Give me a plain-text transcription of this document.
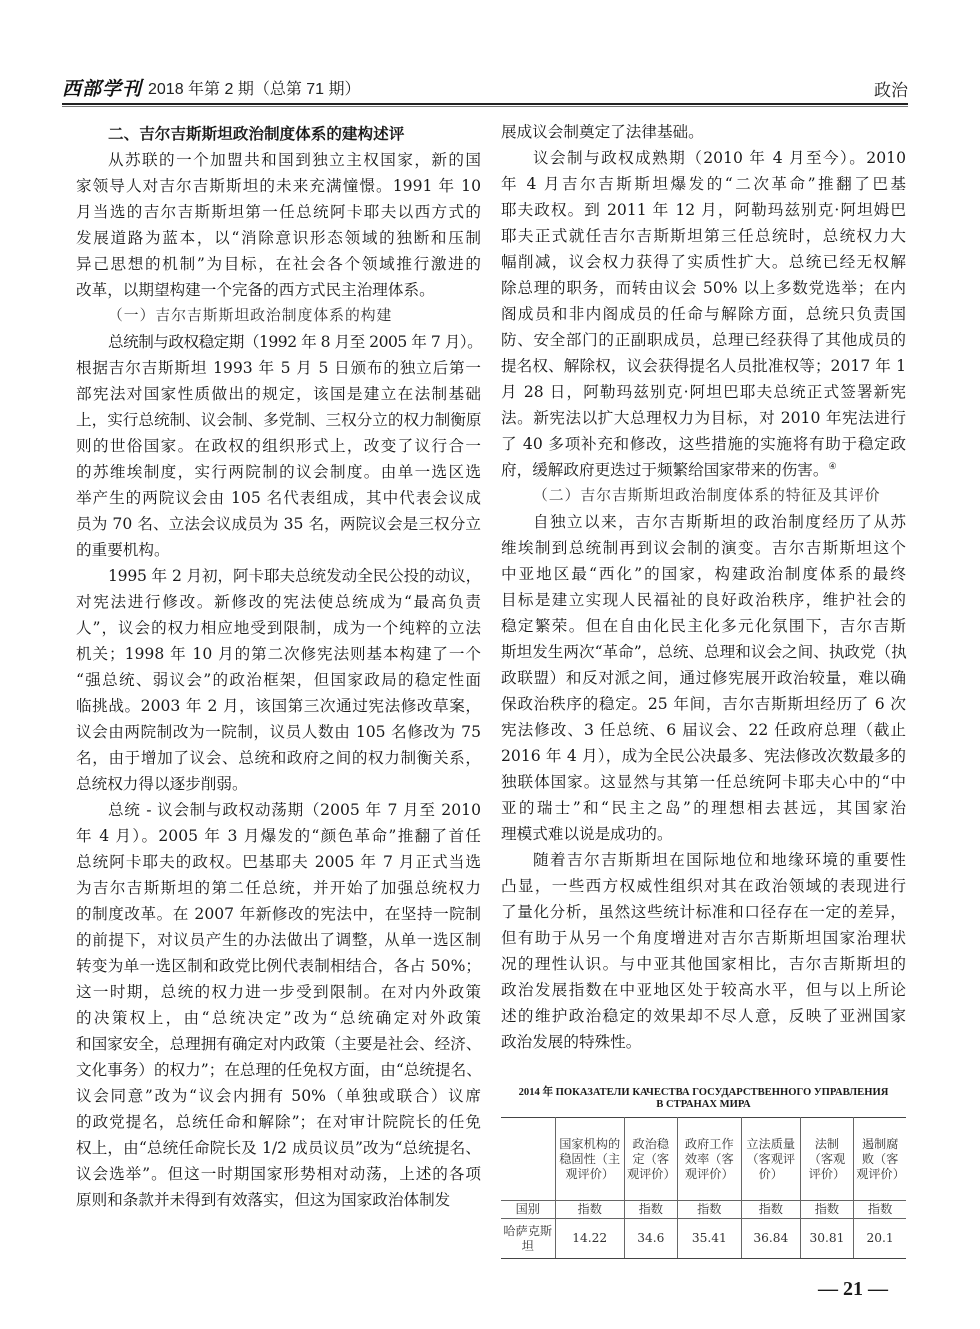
西部学刊 2018 年第 2 期（总第 71 期）	政治
二、吉尔吉斯斯坦政治制度体系的建构述评
从苏联的一个加盟共和国到独立主权国家，新的国
家领导人对吉尔吉斯斯坦的未来充满憧憬。1991 年 10
月当选的吉尔吉斯斯坦第一任总统阿卡耶夫以西方式的
发展道路为蓝本，以“消除意识形态领域的独断和压制
异己思想的机制”为目标，在社会各个领域推行激进的
改革，以期望构建一个完备的西方式民主治理体系。
（一）吉尔吉斯斯坦政治制度体系的构建
总统制与政权稳定期（1992 年 8 月至 2005 年 7 月）。
根据吉尔吉斯斯坦 1993 年 5 月 5 日颁布的独立后第一
部宪法对国家性质做出的规定，该国是建立在法制基础
上，实行总统制、议会制、多党制、三权分立的权力制衡原
则的世俗国家。在政权的组织形式上，改变了议行合一
的苏维埃制度，实行两院制的议会制度。由单一选区选
举产生的两院议会由 105 名代表组成，其中代表会议成
员为 70 名、立法会议成员为 35 名，两院议会是三权分立
的重要机构。
1995 年 2 月初，阿卡耶夫总统发动全民公投的动议，
对宪法进行修改。新修改的宪法使总统成为“最高负责
人”，议会的权力相应地受到限制，成为一个纯粹的立法
机关；1998 年 10 月的第二次修宪法则基本构建了一个
“强总统、弱议会”的政治框架，但国家政局的稳定性面
临挑战。2003 年 2 月，该国第三次通过宪法修改草案，
议会由两院制改为一院制，议员人数由 105 名修改为 75
名，由于增加了议会、总统和政府之间的权力制衡关系，
总统权力得以逐步削弱。
总统 - 议会制与政权动荡期（2005 年 7 月至 2010
年 4 月）。2005 年 3 月爆发的“颜色革命”推翻了首任
总统阿卡耶夫的政权。巴基耶夫 2005 年 7 月正式当选
为吉尔吉斯斯坦的第二任总统，并开始了加强总统权力
的制度改革。在 2007 年新修改的宪法中，在坚持一院制
的前提下，对议员产生的办法做出了调整，从单一选区制
转变为单一选区制和政党比例代表制相结合，各占 50%；
这一时期，总统的权力进一步受到限制。在对内外政策
的决策权上，由“总统决定”改为“总统确定对外政策
和国家安全，总理拥有确定对内政策（主要是社会、经济、
文化事务）的权力”；在总理的任免权方面，由“总统提名、
议会同意”改为“议会内拥有 50%（单独或联合）议席
的政党提名，总统任命和解除”；在对审计院院长的任免
权上，由“总统任命院长及 1/2 成员议员”改为“总统提名、
议会选举”。但这一时期国家形势相对动荡，上述的各项
原则和条款并未得到有效落实，但这为国家政治体制发
展成议会制奠定了法律基础。
议会制与政权成熟期（2010 年 4 月至今）。2010
年 4 月吉尔吉斯斯坦爆发的“二次革命”推翻了巴基
耶夫政权。到 2011 年 12 月，阿勒玛兹别克·阿坦姆巴
耶夫正式就任吉尔吉斯斯坦第三任总统时，总统权力大
幅削减，议会权力获得了实质性扩大。总统已经无权解
除总理的职务，而转由议会 50% 以上多数党选举；在内
阁成员和非内阁成员的任命与解除方面，总统只负责国
防、安全部门的正副职成员，总理已经获得了其他成员的
提名权、解除权，议会获得提名人员批准权等；2017 年 1
月 28 日，阿勒玛兹别克·阿坦巴耶夫总统正式签署新宪
法。新宪法以扩大总理权力为目标，对 2010 年宪法进行
了 40 多项补充和修改，这些措施的实施将有助于稳定政
府，缓解政府更迭过于频繁给国家带来的伤害。④
（二）吉尔吉斯斯坦政治制度体系的特征及其评价
自独立以来，吉尔吉斯斯坦的政治制度经历了从苏
维埃制到总统制再到议会制的演变。吉尔吉斯斯坦这个
中亚地区最“西化”的国家，构建政治制度体系的最终
目标是建立实现人民福祉的良好政治秩序，维护社会的
稳定繁荣。但在自由化民主化多元化氛围下，吉尔吉斯
斯坦发生两次“革命”，总统、总理和议会之间、执政党（执
政联盟）和反对派之间，通过修宪展开政治较量，难以确
保政治秩序的稳定。25 年间，吉尔吉斯斯坦经历了 6 次
宪法修改、3 任总统、6 届议会、22 任政府总理（截止
2016 年 4 月），成为全民公决最多、宪法修改次数最多的
独联体国家。这显然与其第一任总统阿卡耶夫心中的“中
亚的瑞士”和“民主之岛”的理想相去甚远，其国家治
理模式难以说是成功的。
随着吉尔吉斯斯坦在国际地位和地缘环境的重要性
凸显，一些西方权威性组织对其在政治领域的表现进行
了量化分析，虽然这些统计标准和口径存在一定的差异，
但有助于从另一个角度增进对吉尔吉斯斯坦国家治理状
况的理性认识。与中亚其他国家相比，吉尔吉斯斯坦的
政治发展指数在中亚地区处于较高水平，但与以上所论
述的维护政治稳定的效果却不尽人意，反映了亚洲国家
政治发展的特殊性。
2014 年 ПОКАЗАТЕЛИ КАЧЕСТВА ГОСУДАРСТВЕННОГО УПРАВЛЕНИЯ
В СТРАНАХ МИРА
	国家机构的稳固性（主观评价）	政治稳定（客观评价）	政府工作效率（客观评价）	立法质量（客观评价）	法制（客观评价）	遏制腐败（客观评价）
国别	指数	指数	指数	指数	指数	指数
哈萨克斯坦	14.22	34.6	35.41	36.84	30.81	20.1
— 21 —
